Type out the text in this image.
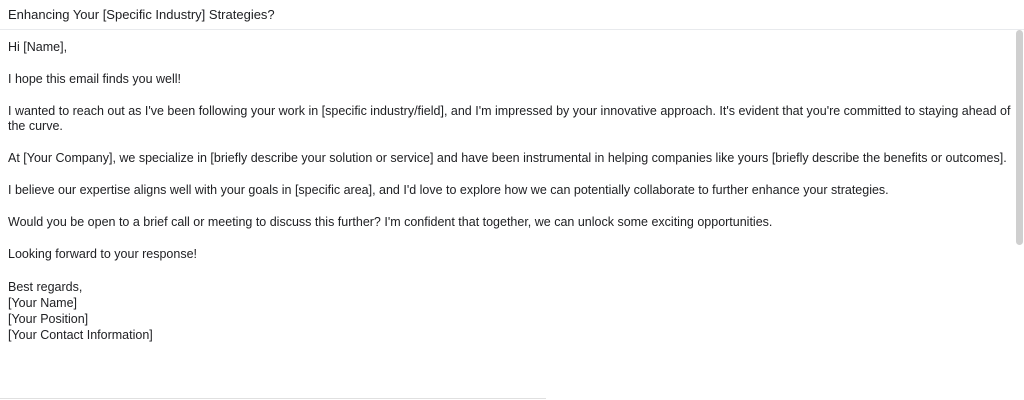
Enhancing Your [Specific Industry] Strategies?

Hi [Name],

I hope this email finds you well!

I wanted to reach out as I've been following your work in [specific industry/field], and I'm impressed by your innovative approach. It's evident that you're committed to staying ahead of the curve.

At [Your Company], we specialize in [briefly describe your solution or service] and have been instrumental in helping companies like yours [briefly describe the benefits or outcomes].

I believe our expertise aligns well with your goals in [specific area], and I'd love to explore how we can potentially collaborate to further enhance your strategies.

Would you be open to a brief call or meeting to discuss this further? I'm confident that together, we can unlock some exciting opportunities.

Looking forward to your response!

Best regards,

[Your Name]

[Your Position]

[Your Contact Information]
